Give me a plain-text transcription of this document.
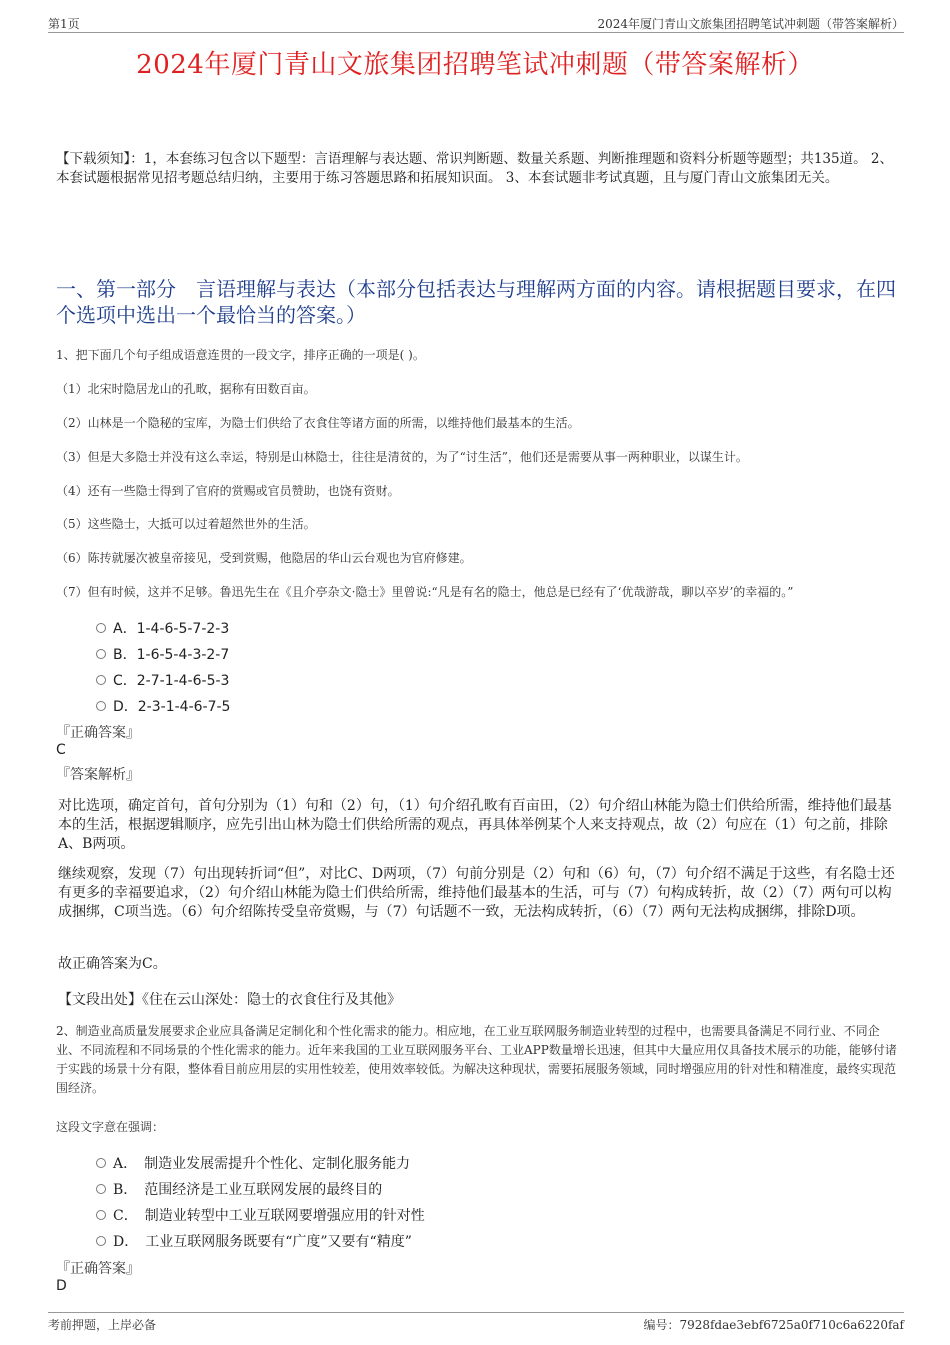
第1页	2024年厦门青山文旅集团招聘笔试冲刺题（带答案解析）
2024年厦门青山文旅集团招聘笔试冲刺题（带答案解析）
【下载须知】：1，本套练习包含以下题型：言语理解与表达题、常识判断题、数量关系题、判断推理题和资料分析题等题型；共135道。 2、本套试题根据常见招考题总结归纳，主要用于练习答题思路和拓展知识面。 3、本套试题非考试真题，且与厦门青山文旅集团无关。
一、第一部分　言语理解与表达（本部分包括表达与理解两方面的内容。请根据题目要求，在四个选项中选出一个最恰当的答案。）
1、把下面几个句子组成语意连贯的一段文字，排序正确的一项是( )。
（1）北宋时隐居龙山的孔畋，据称有田数百亩。
（2）山林是一个隐秘的宝库，为隐士们供给了衣食住等诸方面的所需，以维持他们最基本的生活。
（3）但是大多隐士并没有这么幸运，特别是山林隐士，往往是清贫的，为了“讨生活”，他们还是需要从事一两种职业，以谋生计。
（4）还有一些隐士得到了官府的赏赐或官员赞助，也饶有资财。
（5）这些隐士，大抵可以过着超然世外的生活。
（6）陈抟就屡次被皇帝接见，受到赏赐，他隐居的华山云台观也为官府修建。
（7）但有时候，这并不足够。鲁迅先生在《且介亭杂文·隐士》里曾说:“凡是有名的隐士，他总是已经有了‘优哉游哉，聊以卒岁’的幸福的。”
A．1-4-6-5-7-2-3
B．1-6-5-4-3-2-7
C．2-7-1-4-6-5-3
D．2-3-1-4-6-7-5
『正确答案』
C
『答案解析』
对比选项，确定首句，首句分别为（1）句和（2）句，（1）句介绍孔畋有百亩田，（2）句介绍山林能为隐士们供给所需，维持他们最基本的生活，根据逻辑顺序，应先引出山林为隐士们供给所需的观点，再具体举例某个人来支持观点，故（2）句应在（1）句之前，排除A、B两项。
继续观察，发现（7）句出现转折词“但”，对比C、D两项，（7）句前分别是（2）句和（6）句，（7）句介绍不满足于这些，有名隐士还有更多的幸福要追求，（2）句介绍山林能为隐士们供给所需，维持他们最基本的生活，可与（7）句构成转折，故（2）（7）两句可以构成捆绑，C项当选。（6）句介绍陈抟受皇帝赏赐，与（7）句话题不一致，无法构成转折，（6）（7）两句无法构成捆绑，排除D项。
故正确答案为C。
【文段出处】《住在云山深处：隐士的衣食住行及其他》
2、制造业高质量发展要求企业应具备满足定制化和个性化需求的能力。相应地，在工业互联网服务制造业转型的过程中，也需要具备满足不同行业、不同企业、不同流程和不同场景的个性化需求的能力。近年来我国的工业互联网服务平台、工业APP数量增长迅速，但其中大量应用仅具备技术展示的功能，能够付诸于实践的场景十分有限，整体看目前应用层的实用性较差，使用效率较低。为解决这种现状，需要拓展服务领域，同时增强应用的针对性和精准度，最终实现范围经济。
这段文字意在强调：
A．　制造业发展需提升个性化、定制化服务能力
B．　范围经济是工业互联网发展的最终目的
C．　制造业转型中工业互联网要增强应用的针对性
D．　工业互联网服务既要有“广度”又要有“精度”
『正确答案』
D
考前押题，上岸必备	编号：7928fdae3ebf6725a0f710c6a6220faf
